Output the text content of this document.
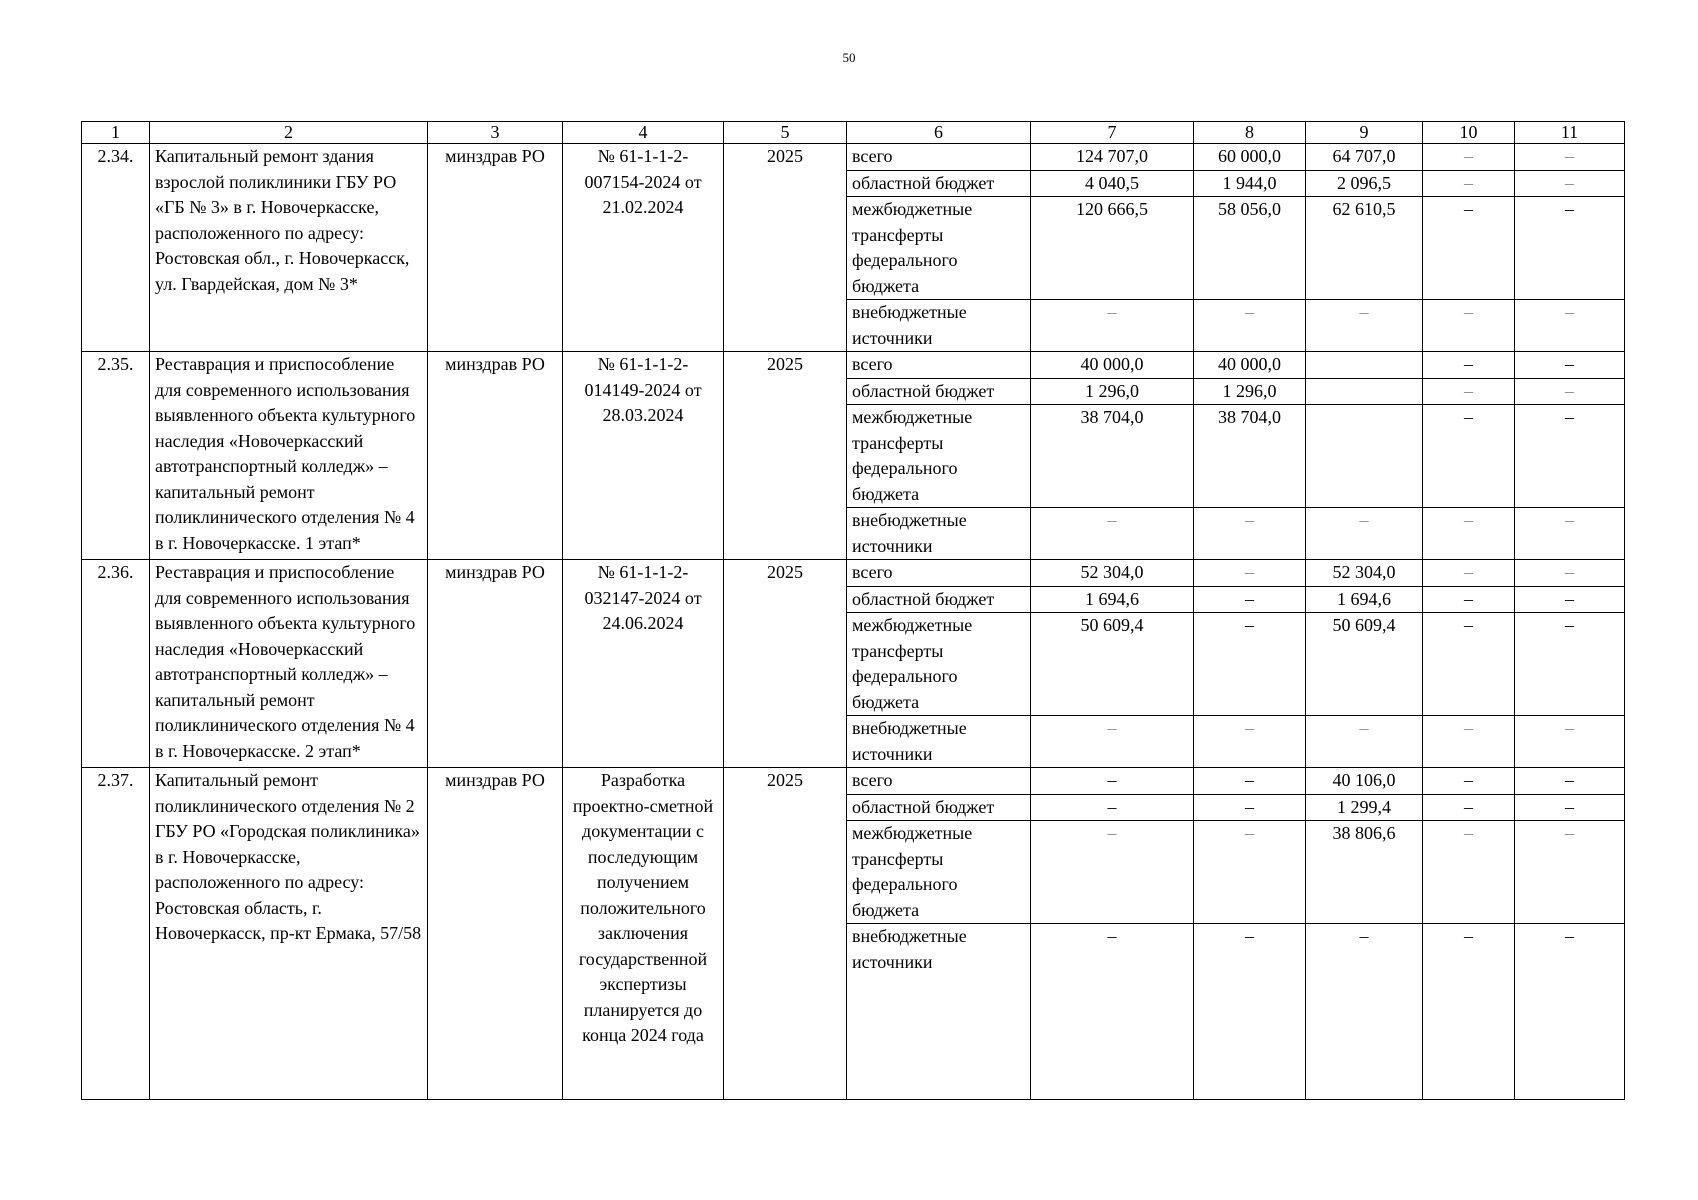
50
1	2	3	4	5	6	7	8	9	10	11
2.34.	Капитальный ремонт здания взрослой поликлиники ГБУ РО «ГБ № 3» в г. Новочеркасске, расположенного по адресу: Ростовская обл., г. Новочеркасск, ул. Гвардейская, дом № 3*	минздрав РО	№ 61-1-1-2-007154-2024 от 21.02.2024	2025	всего	124 707,0	60 000,0	64 707,0	–	–
					областной бюджет	4 040,5	1 944,0	2 096,5	–	–
					межбюджетные трансферты федерального бюджета	120 666,5	58 056,0	62 610,5	–	–
					внебюджетные источники	–	–	–	–	–
2.35.	Реставрация и приспособление для современного использования выявленного объекта культурного наследия «Новочеркасский автотранспортный колледж» – капитальный ремонт поликлинического отделения № 4 в г. Новочеркасске. 1 этап*	минздрав РО	№ 61-1-1-2-014149-2024 от 28.03.2024	2025	всего	40 000,0	40 000,0		–	–
					областной бюджет	1 296,0	1 296,0		–	–
					межбюджетные трансферты федерального бюджета	38 704,0	38 704,0		–	–
					внебюджетные источники	–	–	–	–	–
2.36.	Реставрация и приспособление для современного использования выявленного объекта культурного наследия «Новочеркасский автотранспортный колледж» – капитальный ремонт поликлинического отделения № 4 в г. Новочеркасске. 2 этап*	минздрав РО	№ 61-1-1-2-032147-2024 от 24.06.2024	2025	всего	52 304,0	–	52 304,0	–	–
					областной бюджет	1 694,6	–	1 694,6	–	–
					межбюджетные трансферты федерального бюджета	50 609,4	–	50 609,4	–	–
					внебюджетные источники	–	–	–	–	–
2.37.	Капитальный ремонт поликлинического отделения № 2 ГБУ РО «Городская поликлиника» в г. Новочеркасске, расположенного по адресу: Ростовская область, г. Новочеркасск, пр-кт Ермака, 57/58	минздрав РО	Разработка проектно-сметной документации с последующим получением положительного заключения государственной экспертизы планируется до конца 2024 года	2025	всего	–	–	40 106,0	–	–
					областной бюджет	–	–	1 299,4	–	–
					межбюджетные трансферты федерального бюджета	–	–	38 806,6	–	–
					внебюджетные источники	–	–	–	–	–
